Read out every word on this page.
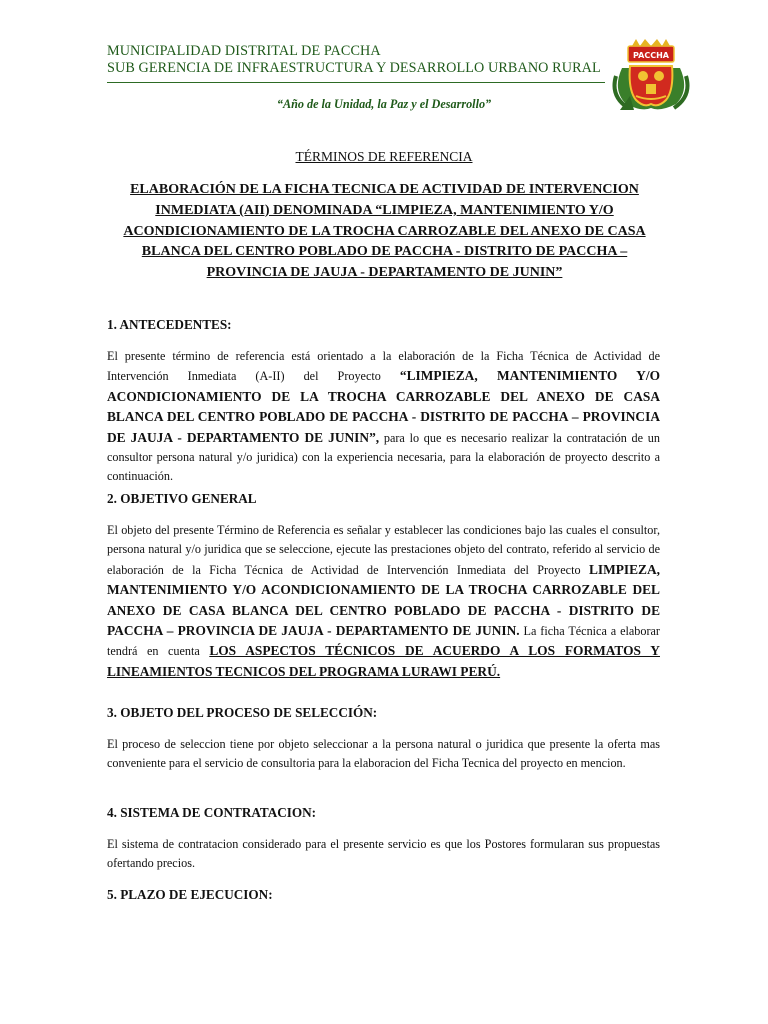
MUNICIPALIDAD DISTRITAL DE PACCHA
SUB GERENCIA DE INFRAESTRUCTURA Y DESARROLLO URBANO RURAL
“Año de la Unidad, la Paz y el Desarrollo”
PACCHA
TÉRMINOS DE REFERENCIA
ELABORACIÓN DE LA FICHA TECNICA DE ACTIVIDAD DE INTERVENCION INMEDIATA (AII) DENOMINADA “LIMPIEZA, MANTENIMIENTO Y/O ACONDICIONAMIENTO DE LA TROCHA CARROZABLE DEL ANEXO DE CASA BLANCA DEL CENTRO POBLADO DE PACCHA - DISTRITO DE PACCHA – PROVINCIA DE JAUJA - DEPARTAMENTO DE JUNIN”
1. ANTECEDENTES:
El presente término de referencia está orientado a la elaboración de la Ficha Técnica de Actividad de Intervención Inmediata (A-II) del Proyecto “LIMPIEZA, MANTENIMIENTO Y/O ACONDICIONAMIENTO DE LA TROCHA CARROZABLE DEL ANEXO DE CASA BLANCA DEL CENTRO POBLADO DE PACCHA - DISTRITO DE PACCHA – PROVINCIA DE JAUJA - DEPARTAMENTO DE JUNIN”, para lo que es necesario realizar la contratación de un consultor persona natural y/o juridica) con la experiencia necesaria, para la elaboración de proyecto descrito a continuación.
2. OBJETIVO GENERAL
El objeto del presente Término de Referencia es señalar y establecer las condiciones bajo las cuales el consultor, persona natural y/o juridica que se seleccione, ejecute las prestaciones objeto del contrato, referido al servicio de elaboración de la Ficha Técnica de Actividad de Intervención Inmediata del Proyecto LIMPIEZA, MANTENIMIENTO Y/O ACONDICIONAMIENTO DE LA TROCHA CARROZABLE DEL ANEXO DE CASA BLANCA DEL CENTRO POBLADO DE PACCHA - DISTRITO DE PACCHA – PROVINCIA DE JAUJA - DEPARTAMENTO DE JUNIN. La ficha Técnica a elaborar tendrá en cuenta LOS ASPECTOS TÉCNICOS DE ACUERDO A LOS FORMATOS Y LINEAMIENTOS TECNICOS DEL PROGRAMA LURAWI PERÚ.
3. OBJETO DEL PROCESO DE SELECCIÓN:
El proceso de seleccion tiene por objeto seleccionar a la persona natural o juridica que presente la oferta mas conveniente para el servicio de consultoria para la elaboracion del Ficha Tecnica del proyecto en mencion.
4. SISTEMA DE CONTRATACION:
El sistema de contratacion considerado para el presente servicio es que los Postores formularan sus propuestas ofertando precios.
5. PLAZO DE EJECUCION:
